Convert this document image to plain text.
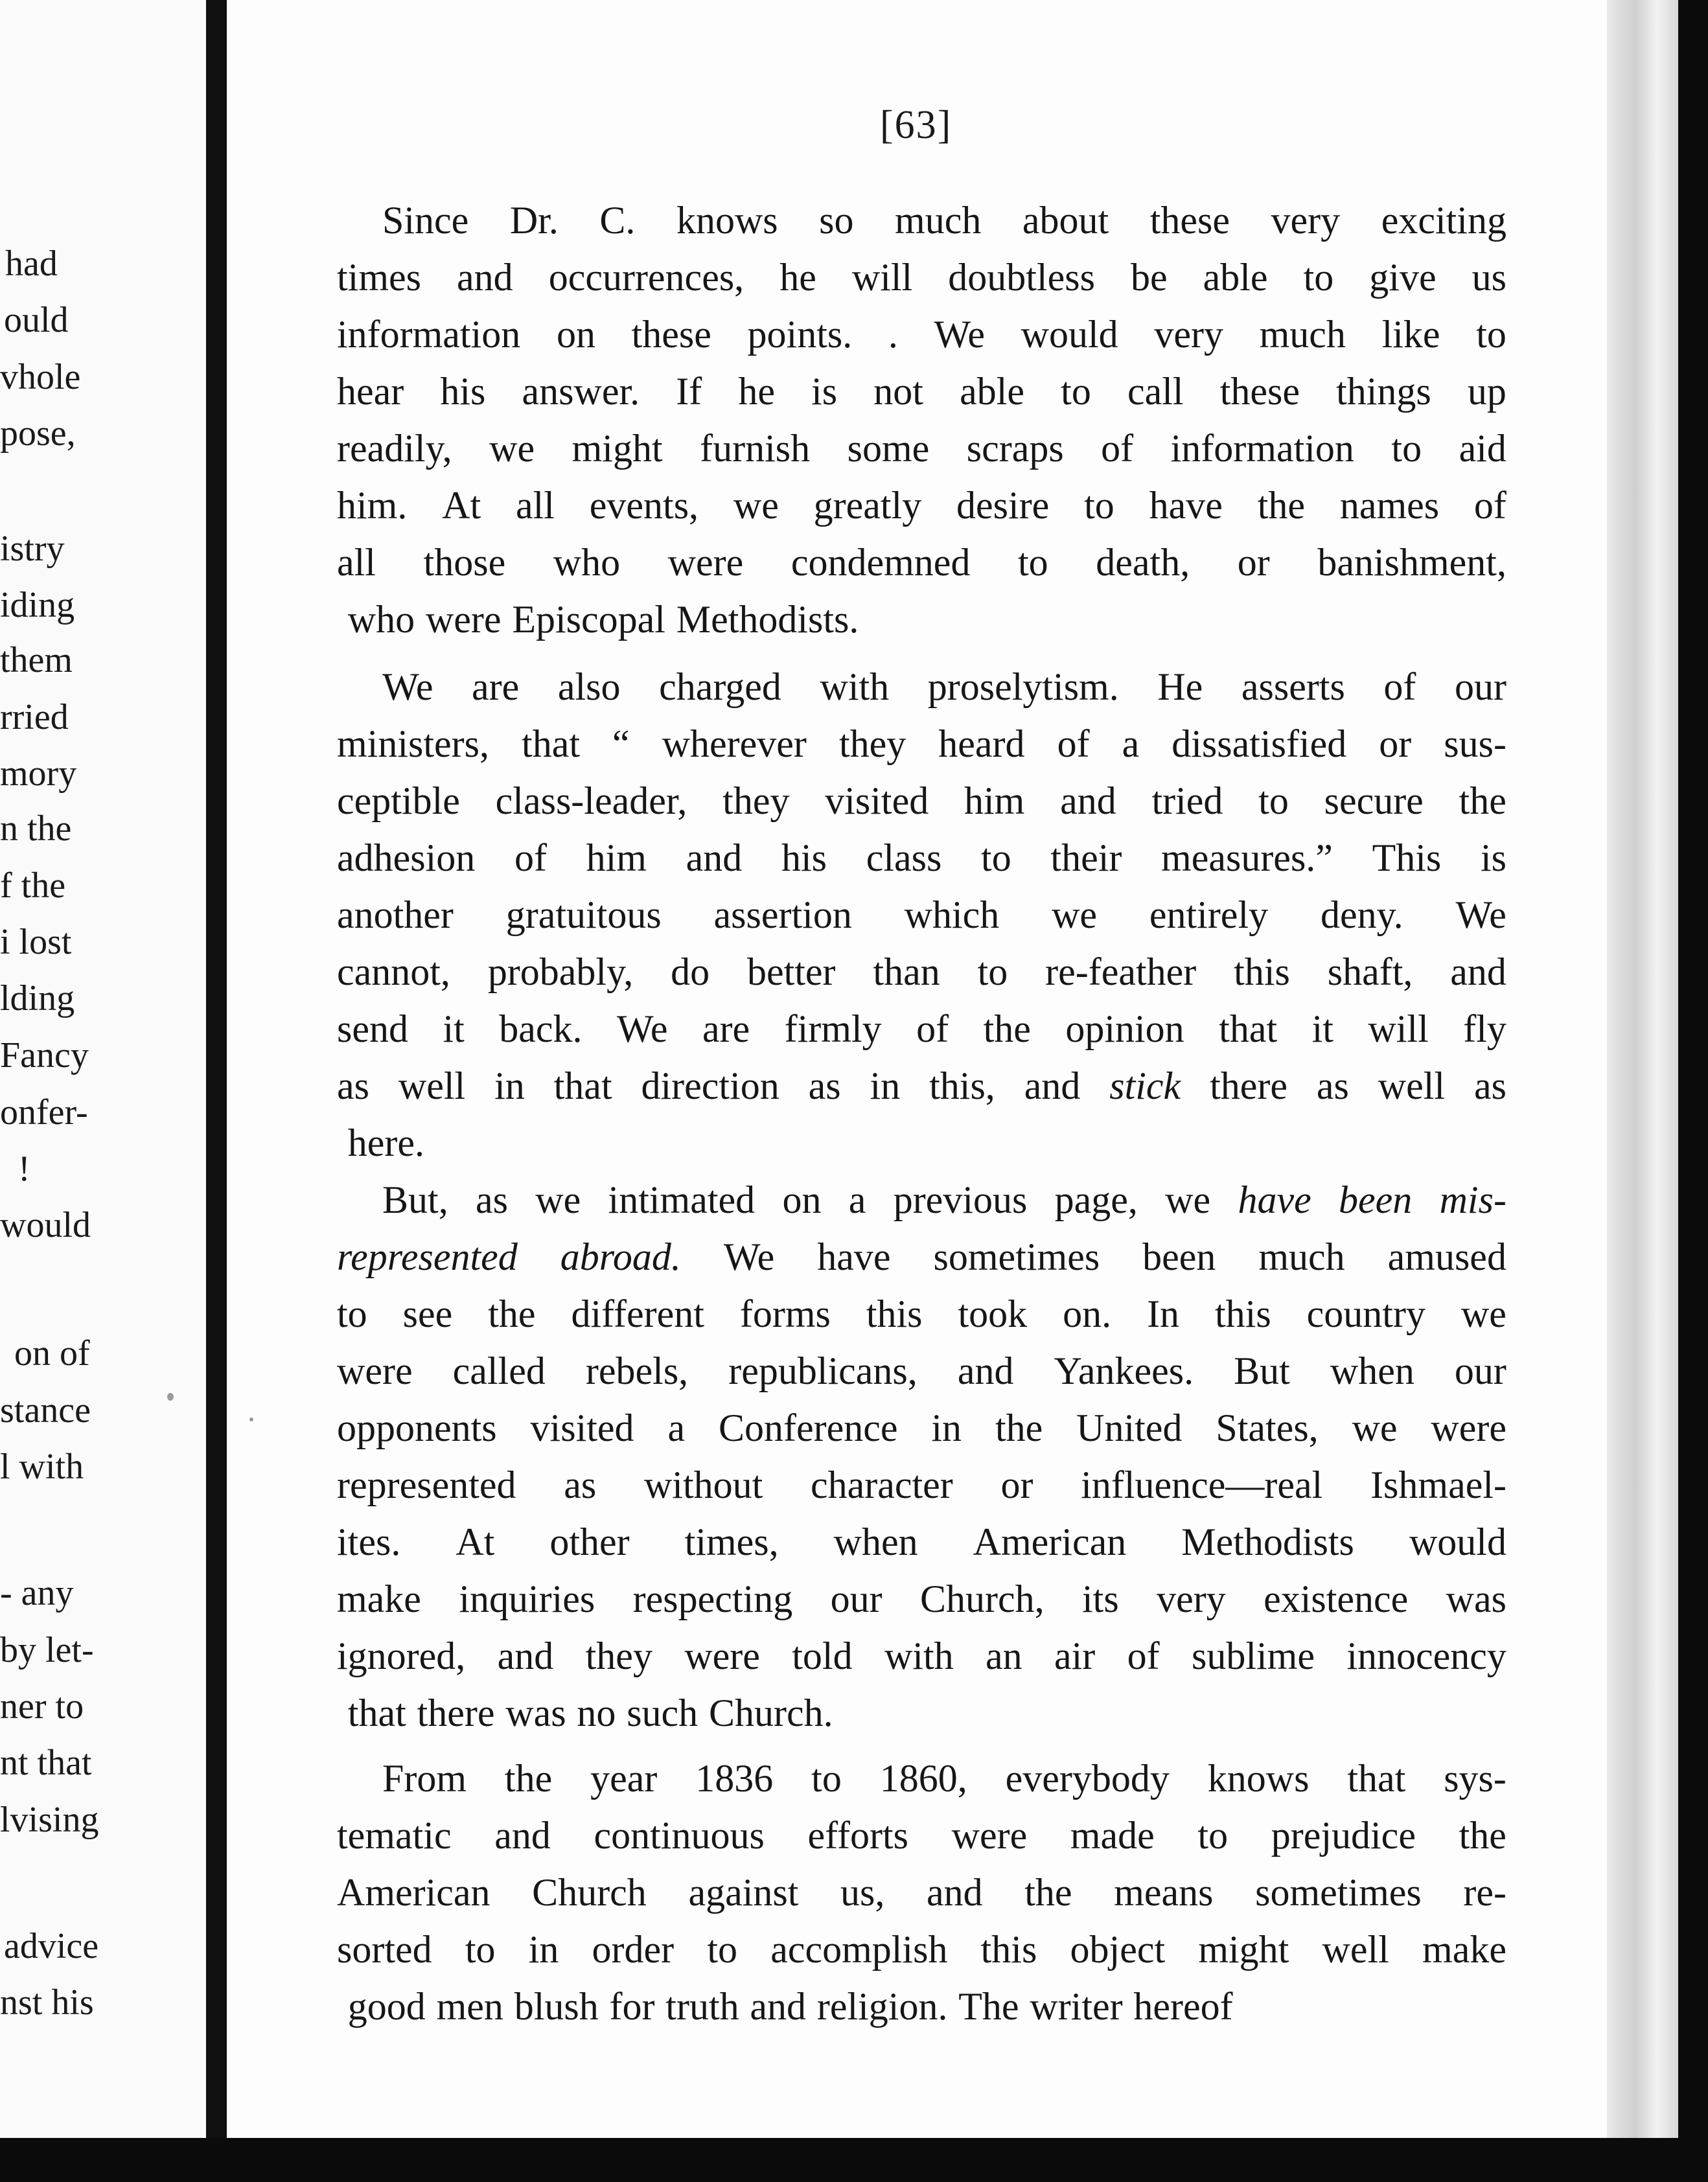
had
ould
vhole
pose,
istry
iding
them
rried
mory
n the
f the
i lost
lding
Fancy
onfer-
!
would
on of
stance
l with
- any
by let-
ner to
nt that
lvising
advice
nst his
[63]
Since Dr. C. knows so much about these very exciting
times and occurrences, he will doubtless be able to give us
information on these points. . We would very much like to
hear his answer. If he is not able to call these things up
readily, we might furnish some scraps of information to aid
him. At all events, we greatly desire to have the names of
all those who were condemned to death, or banishment,
who were Episcopal Methodists.
We are also charged with proselytism. He asserts of our
ministers, that “ wherever they heard of a dissatisfied or sus-
ceptible class-leader, they visited him and tried to secure the
adhesion of him and his class to their measures.” This is
another gratuitous assertion which we entirely deny. We
cannot, probably, do better than to re-feather this shaft, and
send it back. We are firmly of the opinion that it will fly
as well in that direction as in this, and stick there as well as
here.
But, as we intimated on a previous page, we have been mis-
represented abroad. We have sometimes been much amused
to see the different forms this took on. In this country we
were called rebels, republicans, and Yankees. But when our
opponents visited a Conference in the United States, we were
represented as without character or influence—real Ishmael-
ites. At other times, when American Methodists would
make inquiries respecting our Church, its very existence was
ignored, and they were told with an air of sublime innocency
that there was no such Church.
From the year 1836 to 1860, everybody knows that sys-
tematic and continuous efforts were made to prejudice the
American Church against us, and the means sometimes re-
sorted to in order to accomplish this object might well make
good men blush for truth and religion. The writer hereof
